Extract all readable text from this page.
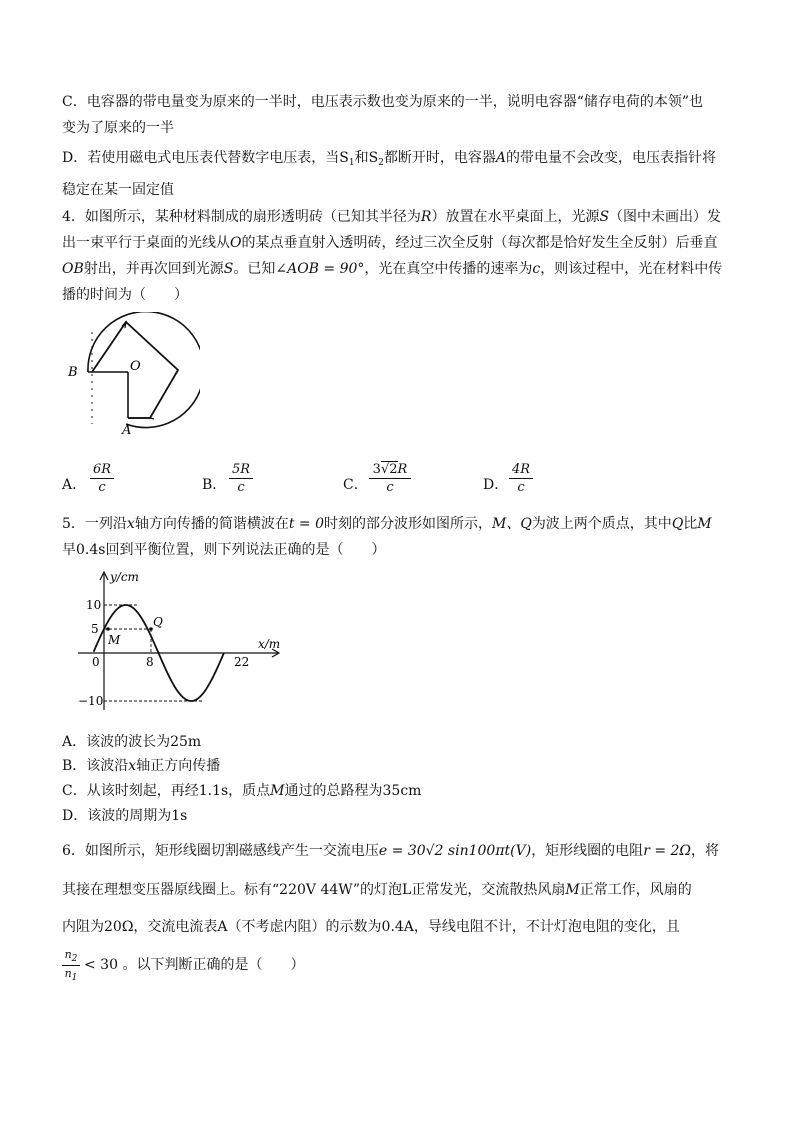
C．电容器的带电量变为原来的一半时，电压表示数也变为原来的一半，说明电容器“储存电荷的本领”也
变为了原来的一半
D．若使用磁电式电压表代替数字电压表，当$S_1$和$S_2$都断开时，电容器A的带电量不会改变，电压表指针将
稳定在某一固定值
4．如图所示，某种材料制成的扇形透明砖（已知其半径为R）放置在水平桌面上，光源S（图中未画出）发
出一束平行于桌面的光线从O的某点垂直射入透明砖，经过三次全反射（每次都是恰好发生全反射）后垂直
OB射出，并再次回到光源S。已知∠AOB = 90°，光在真空中传播的速率为c，则该过程中，光在材料中传
播的时间为（　　）
B	O
A
A．
6R
c	B．
5R
c	C．
3√2R
c	D．
4R
c
5．一列沿x轴方向传播的简谐横波在t = 0时刻的部分波形如图所示，M、Q为波上两个质点，其中Q比M
早0.4s回到平衡位置，则下列说法正确的是（　　）
y/cm
x/m
10
5
−10
0	8	22
M
Q
A．该波的波长为25m
B．该波沿x轴正方向传播
C．从该时刻起，再经1.1s，质点M通过的总路程为35cm
D．该波的周期为1s
6．如图所示，矩形线圈切割磁感线产生一交流电压e = 30√2 sin100πt(V)，矩形线圈的电阻r = 2Ω，将
其接在理想变压器原线圈上。标有“220V 44W”的灯泡L正常发光，交流散热风扇M正常工作，风扇的
内阻为20Ω，交流电流表A（不考虑内阻）的示数为0.4A，导线电阻不计，不计灯泡电阻的变化，且
$n_2$
$n_1$
< 30 。以下判断正确的是（　　）
